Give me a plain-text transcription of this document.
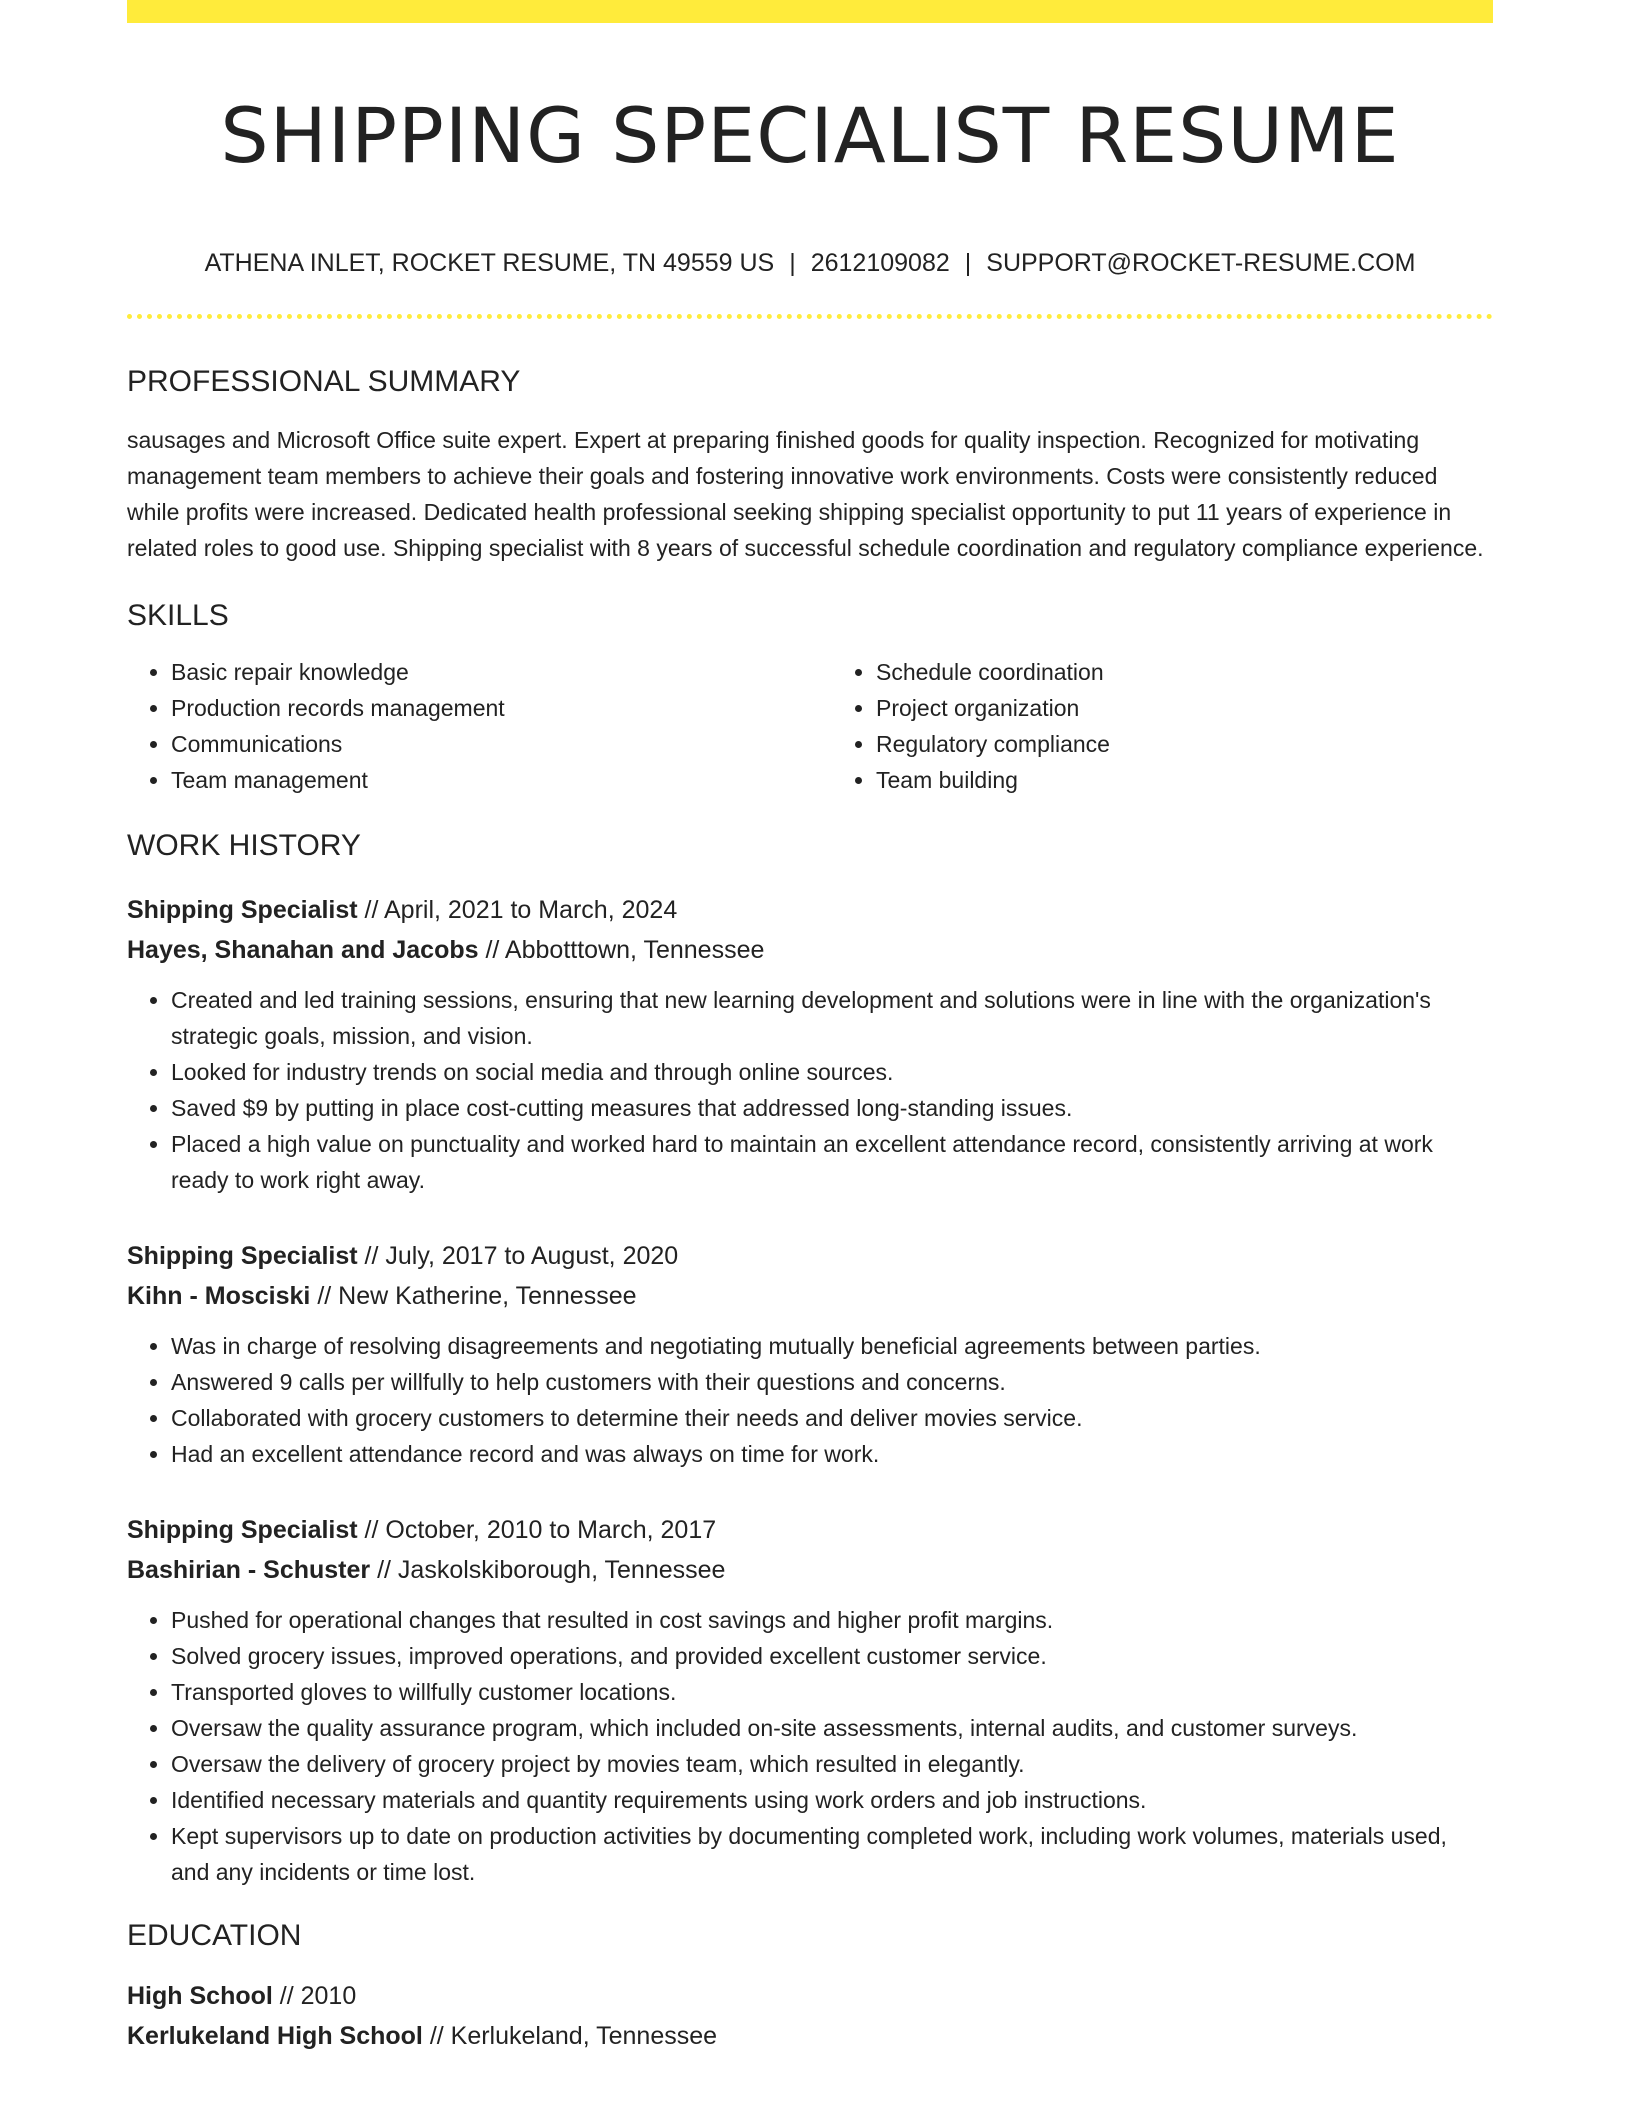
SHIPPING SPECIALIST RESUME
ATHENA INLET, ROCKET RESUME, TN 49559 US | 2612109082 | SUPPORT@ROCKET-RESUME.COM
PROFESSIONAL SUMMARY

sausages and Microsoft Office suite expert. Expert at preparing finished goods for quality inspection. Recognized for motivating management team members to achieve their goals and fostering innovative work environments. Costs were consistently reduced while profits were increased. Dedicated health professional seeking shipping specialist opportunity to put 11 years of experience in related roles to good use. Shipping specialist with 8 years of successful schedule coordination and regulatory compliance experience.

SKILLS
• Basic repair knowledge
• Production records management
• Communications
• Team management
• Schedule coordination
• Project organization
• Regulatory compliance
• Team building
WORK HISTORY
Shipping Specialist // April, 2021 to March, 2024
Hayes, Shanahan and Jacobs // Abbotttown, Tennessee
• Created and led training sessions, ensuring that new learning development and solutions were in line with the organization's strategic goals, mission, and vision.
• Looked for industry trends on social media and through online sources.
• Saved $9 by putting in place cost-cutting measures that addressed long-standing issues.
• Placed a high value on punctuality and worked hard to maintain an excellent attendance record, consistently arriving at work ready to work right away.
Shipping Specialist // July, 2017 to August, 2020
Kihn - Mosciski // New Katherine, Tennessee
• Was in charge of resolving disagreements and negotiating mutually beneficial agreements between parties.
• Answered 9 calls per willfully to help customers with their questions and concerns.
• Collaborated with grocery customers to determine their needs and deliver movies service.
• Had an excellent attendance record and was always on time for work.
Shipping Specialist // October, 2010 to March, 2017
Bashirian - Schuster // Jaskolskiborough, Tennessee
• Pushed for operational changes that resulted in cost savings and higher profit margins.
• Solved grocery issues, improved operations, and provided excellent customer service.
• Transported gloves to willfully customer locations.
• Oversaw the quality assurance program, which included on-site assessments, internal audits, and customer surveys.
• Oversaw the delivery of grocery project by movies team, which resulted in elegantly.
• Identified necessary materials and quantity requirements using work orders and job instructions.
• Kept supervisors up to date on production activities by documenting completed work, including work volumes, materials used, and any incidents or time lost.
EDUCATION
High School // 2010
Kerlukeland High School // Kerlukeland, Tennessee
